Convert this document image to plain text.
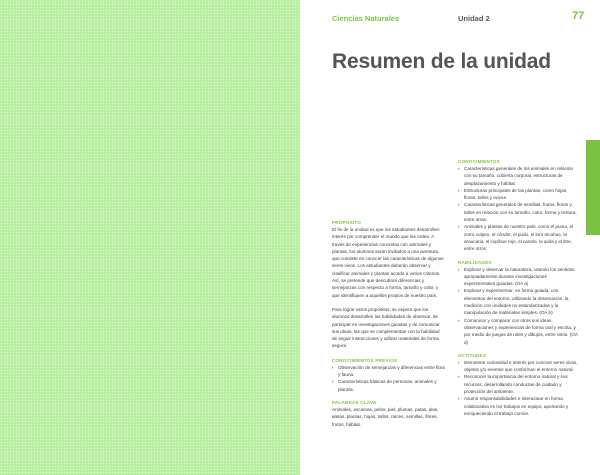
Ciencias Naturales	Unidad 2	77
Resumen de la unidad

PROPÓSITO

El fin de la unidad es que los estudiantes desarrollen interés por comprender el mundo que los rodea. A través de experiencias concretas con animales y plantas, los alumnos serán invitados a una aventura, que consiste en conocer las características de algunos seres vivos. Los estudiantes deberán observar y clasificar animales y plantas acorde a varios criterios. Así, se pretende que descubran diferencias y semejanzas con respecto a forma, tamaño y color, y que identifiquen a aquellos propios de nuestro país.

Para lograr estos propósitos, se espera que los alumnos desarrollen las habilidades de observar, de participar en investigaciones guiadas y de comunicar sus ideas, las que se complementan con la habilidad de seguir instrucciones y utilizar materiales de forma segura.

CONOCIMIENTOS PREVIOS

› Observación de semejanzas y diferencias entre flora y fauna.
› Características básicas de personas, animales y plantas.

PALABRAS CLAVE

Animales, escamas, pelos, piel, plumas, patas, alas, aletas, plantas, hojas, tallos, raíces, semillas, flores, frutos, hábitat.

CONOCIMIENTOS

› Características generales de los animales en relación con su tamaño, cubierta corporal, estructuras de desplazamiento y hábitat.
› Estructuras principales de las plantas, como hojas, flores, tallos y raíces.
› Características generales de semillas, frutos, flores y tallos en relación con su tamaño, color, forma y textura, entre otras.
› Animales y plantas de nuestro país, como el puma, el zorro culpeo, el cóndor, el pudú, el loro tricahue, la araucaria, el copihue rojo, el canelo, la quila y el litre, entre otros.

HABILIDADES

› Explorar y observar la naturaleza, usando los sentidos apropiadamente durante investigaciones experimentales guiadas. (OA a)
› Explorar y experimentar, en forma guiada, con elementos del entorno, utilizando la observación, la medición con unidades no estandarizadas y la manipulación de materiales simples. (OA b)
› Comunicar y comparar con otros sus ideas, observaciones y experiencias de forma oral y escrita, y por medio de juegos de roles y dibujos, entre otros. (OA d)

ACTITUDES

› Demostrar curiosidad e interés por conocer seres vivos, objetos y/o eventos que conforman el entorno natural.
› Reconocer la importancia del entorno natural y sus recursos, desarrollando conductas de cuidado y protección del ambiente.
› Asumir responsabilidades e interactuar en forma colaborativa en los trabajos en equipo, aportando y enriqueciendo el trabajo común.
